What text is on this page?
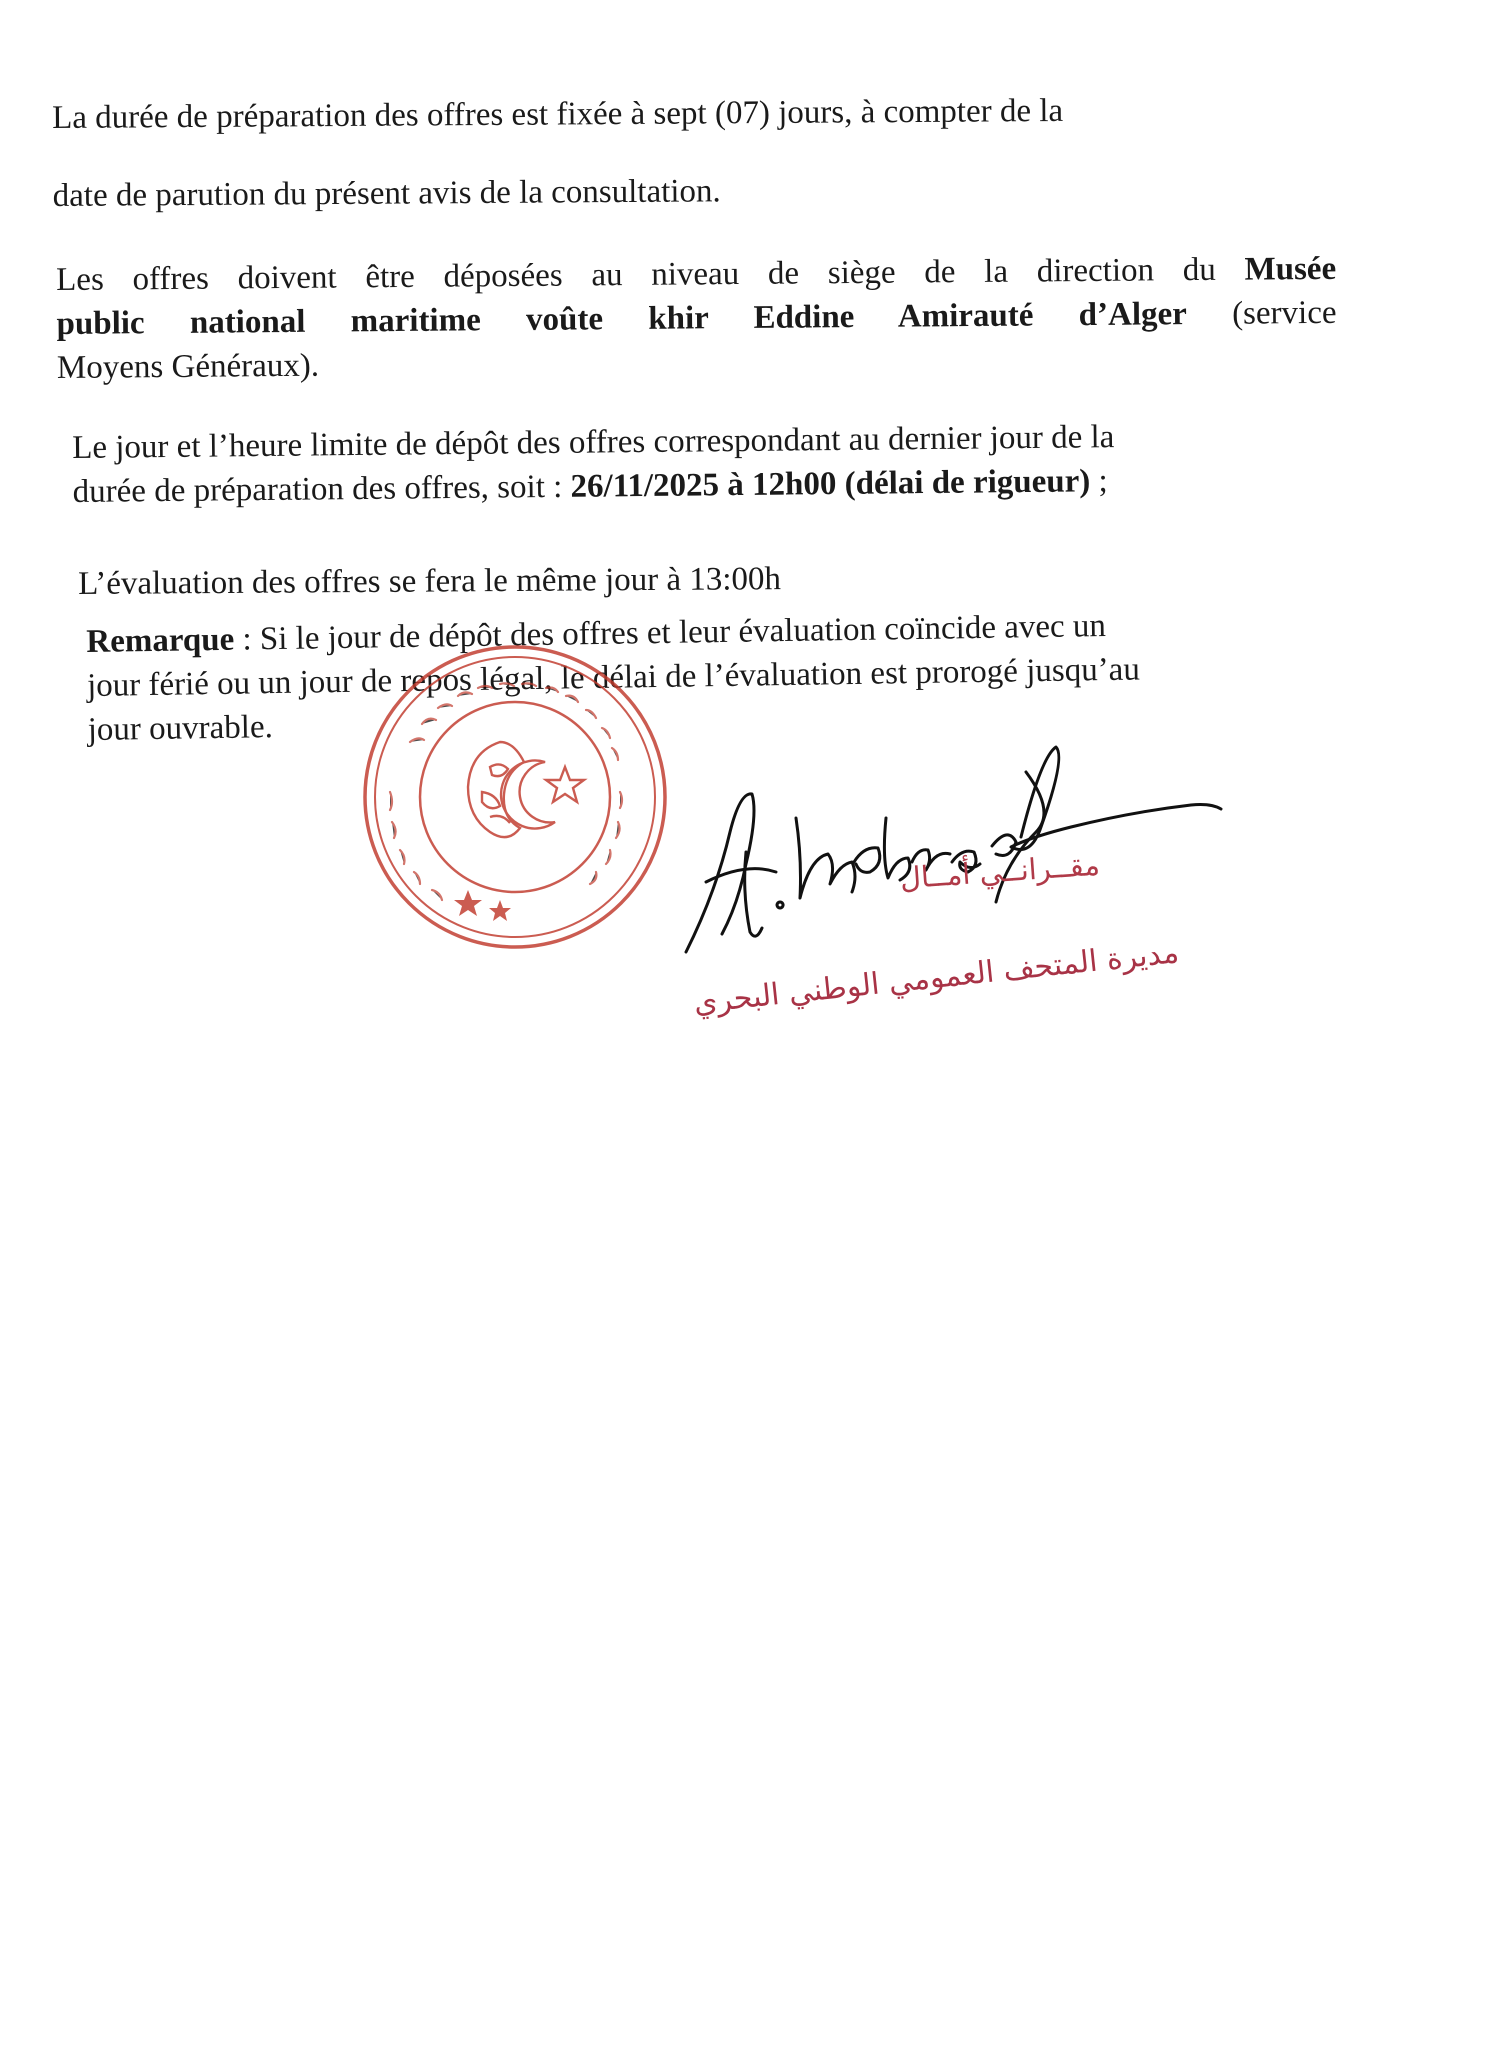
La durée de préparation des offres est fixée à sept (07) jours, à compter de la
date de parution du présent avis de la consultation.

Les offres doivent être déposées au niveau de siège de la direction du Musée
public national maritime voûte khir Eddine Amirauté d’Alger (service
Moyens Généraux).

Le jour et l’heure limite de dépôt des offres correspondant au dernier jour de la
durée de préparation des offres, soit : 26/11/2025 à 12h00 (délai de rigueur) ;

L’évaluation des offres se fera le même jour à 13:00h

Remarque : Si le jour de dépôt des offres et leur évaluation coïncide avec un
jour férié ou un jour de repos légal, le délai de l’évaluation est prorogé jusqu’au
jour ouvrable.

مقــرانــي أمــال
مديرة المتحف العمومي الوطني البحري
